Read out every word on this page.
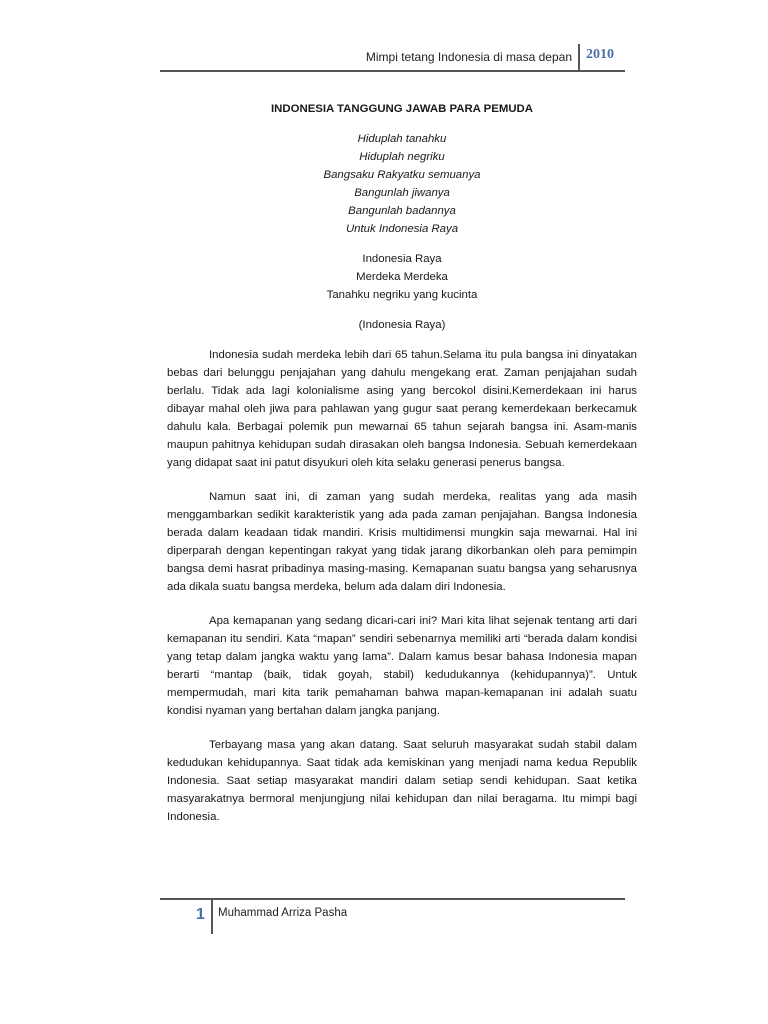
Mimpi tetang Indonesia di masa depan 2010

INDONESIA TANGGUNG JAWAB PARA PEMUDA

Hiduplah tanahku
Hiduplah negriku
Bangsaku Rakyatku semuanya
Bangunlah jiwanya
Bangunlah badannya
Untuk Indonesia Raya
Indonesia Raya
Merdeka Merdeka
Tanahku negriku yang kucinta

(Indonesia Raya)

Indonesia sudah merdeka lebih dari 65 tahun.Selama itu pula bangsa ini dinyatakan bebas dari belunggu penjajahan yang dahulu mengekang erat. Zaman penjajahan sudah berlalu. Tidak ada lagi kolonialisme asing yang bercokol disini.Kemerdekaan ini harus dibayar mahal oleh jiwa para pahlawan yang gugur saat perang kemerdekaan berkecamuk dahulu kala. Berbagai polemik pun mewarnai 65 tahun sejarah bangsa ini. Asam-manis maupun pahitnya kehidupan sudah dirasakan oleh bangsa Indonesia. Sebuah kemerdekaan yang didapat saat ini patut disyukuri oleh kita selaku generasi penerus bangsa.

Namun saat ini, di zaman yang sudah merdeka, realitas yang ada masih menggambarkan sedikit karakteristik yang ada pada zaman penjajahan. Bangsa Indonesia berada dalam keadaan tidak mandiri. Krisis multidimensi mungkin saja mewarnai. Hal ini diperparah dengan kepentingan rakyat yang tidak jarang dikorbankan oleh para pemimpin bangsa demi hasrat pribadinya masing-masing. Kemapanan suatu bangsa yang seharusnya ada dikala suatu bangsa merdeka, belum ada dalam diri Indonesia.

Apa kemapanan yang sedang dicari-cari ini? Mari kita lihat sejenak tentang arti dari kemapanan itu sendiri. Kata “mapan” sendiri sebenarnya memiliki arti “berada dalam kondisi yang tetap dalam jangka waktu yang lama”. Dalam kamus besar bahasa Indonesia mapan berarti “mantap (baik, tidak goyah, stabil) kedudukannya (kehidupannya)”. Untuk mempermudah, mari kita tarik pemahaman bahwa mapan-kemapanan ini adalah suatu kondisi nyaman yang bertahan dalam jangka panjang.

Terbayang masa yang akan datang. Saat seluruh masyarakat sudah stabil dalam kedudukan kehidupannya. Saat tidak ada kemiskinan yang menjadi nama kedua Republik Indonesia. Saat setiap masyarakat mandiri dalam setiap sendi kehidupan. Saat ketika masyarakatnya bermoral menjungjung nilai kehidupan dan nilai beragama. Itu mimpi bagi Indonesia.

1 Muhammad Arriza Pasha
